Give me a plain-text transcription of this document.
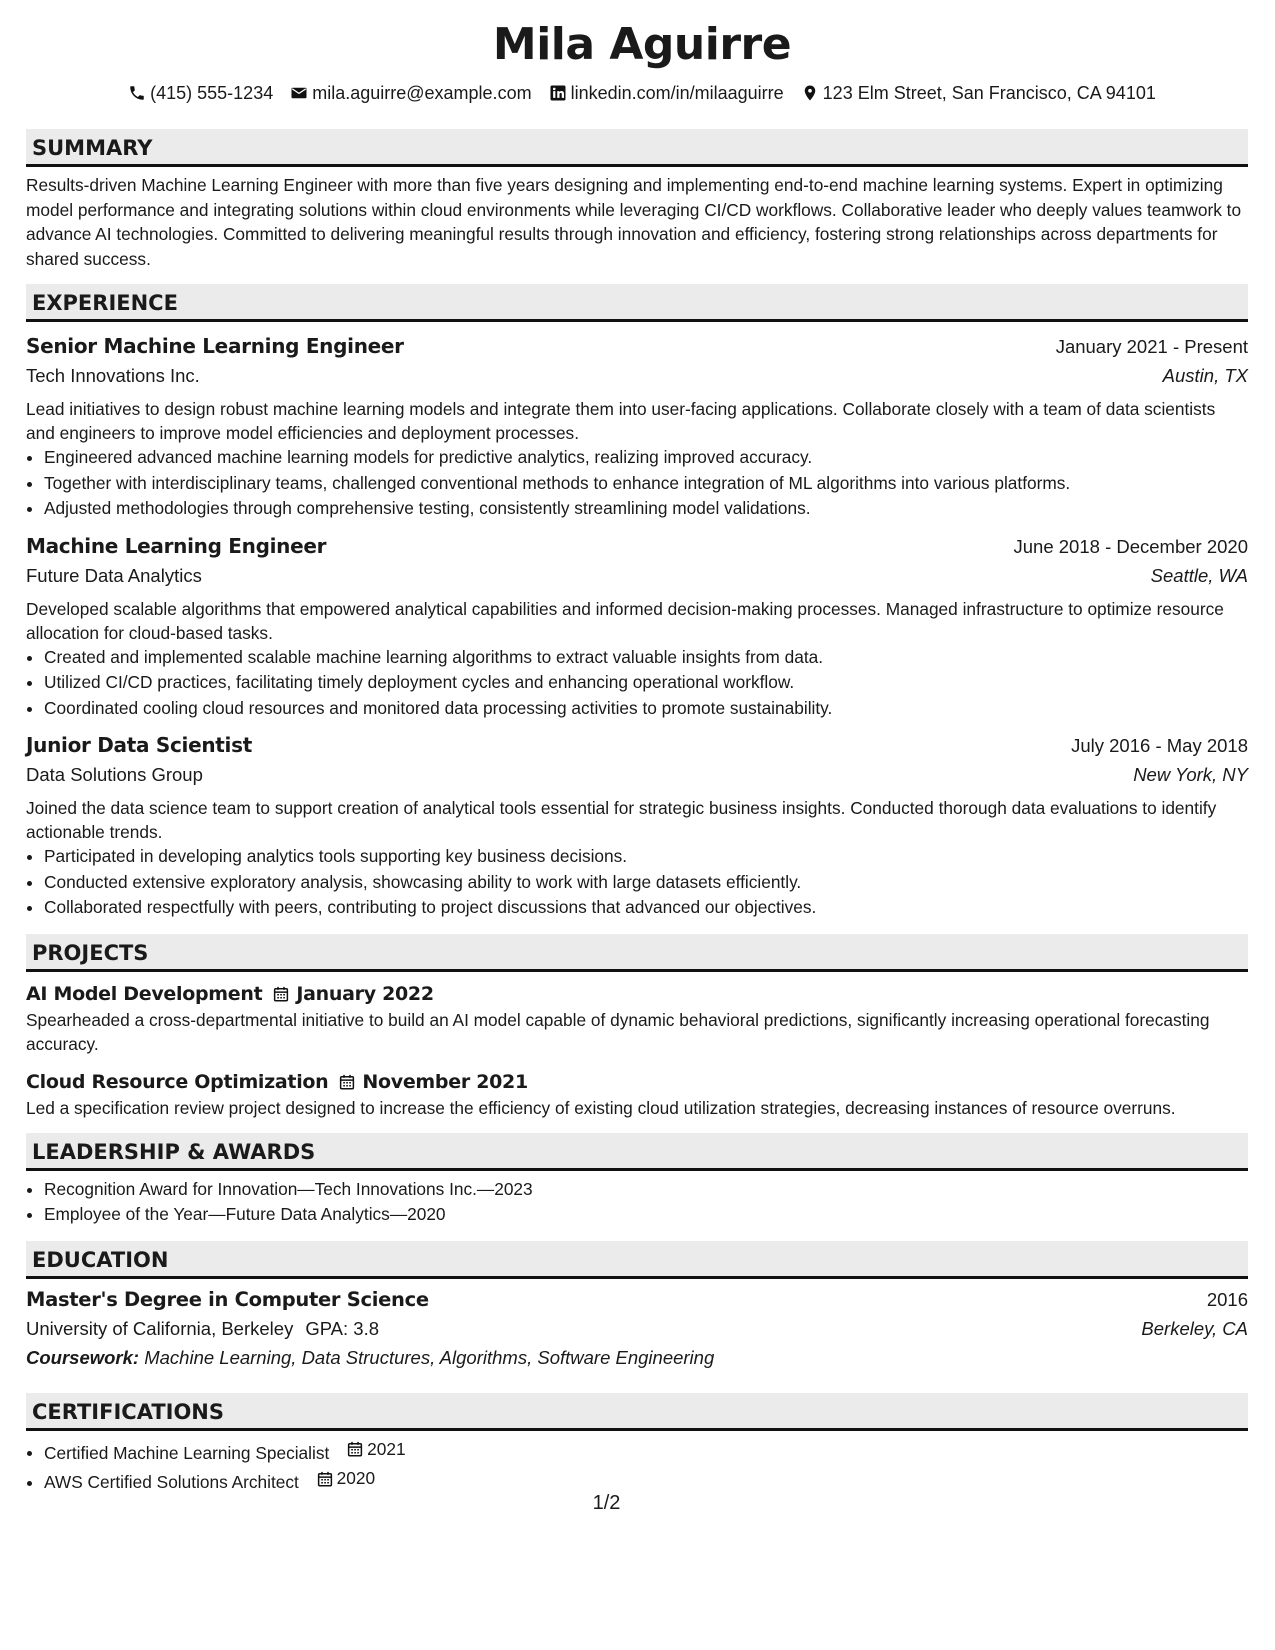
Mila Aguirre
(415) 555-1234 mila.aguirre@example.com linkedin.com/in/milaaguirre 123 Elm Street, San Francisco, CA 94101
SUMMARY

Results-driven Machine Learning Engineer with more than five years designing and implementing end-to-end machine learning systems. Expert in optimizing model performance and integrating solutions within cloud environments while leveraging CI/CD workflows. Collaborative leader who deeply values teamwork to advance AI technologies. Committed to delivering meaningful results through innovation and efficiency, fostering strong relationships across departments for shared success.

EXPERIENCE
Senior Machine Learning Engineer	January 2021 - Present
Tech Innovations Inc.	Austin, TX
Lead initiatives to design robust machine learning models and integrate them into user-facing applications. Collaborate closely with a team of data scientists and engineers to improve model efficiencies and deployment processes.
• Engineered advanced machine learning models for predictive analytics, realizing improved accuracy.
• Together with interdisciplinary teams, challenged conventional methods to enhance integration of ML algorithms into various platforms.
• Adjusted methodologies through comprehensive testing, consistently streamlining model validations.
Machine Learning Engineer	June 2018 - December 2020
Future Data Analytics	Seattle, WA
Developed scalable algorithms that empowered analytical capabilities and informed decision-making processes. Managed infrastructure to optimize resource allocation for cloud-based tasks.
• Created and implemented scalable machine learning algorithms to extract valuable insights from data.
• Utilized CI/CD practices, facilitating timely deployment cycles and enhancing operational workflow.
• Coordinated cooling cloud resources and monitored data processing activities to promote sustainability.
Junior Data Scientist	July 2016 - May 2018
Data Solutions Group	New York, NY
Joined the data science team to support creation of analytical tools essential for strategic business insights. Conducted thorough data evaluations to identify actionable trends.
• Participated in developing analytics tools supporting key business decisions.
• Conducted extensive exploratory analysis, showcasing ability to work with large datasets efficiently.
• Collaborated respectfully with peers, contributing to project discussions that advanced our objectives.
PROJECTS
AI Model Development January 2022
Spearheaded a cross-departmental initiative to build an AI model capable of dynamic behavioral predictions, significantly increasing operational forecasting accuracy.
Cloud Resource Optimization November 2021
Led a specification review project designed to increase the efficiency of existing cloud utilization strategies, decreasing instances of resource overruns.
LEADERSHIP & AWARDS
• Recognition Award for Innovation—Tech Innovations Inc.—2023
• Employee of the Year—Future Data Analytics—2020
EDUCATION
Master's Degree in Computer Science	2016
University of California, Berkeley GPA: 3.8	Berkeley, CA
Coursework: Machine Learning, Data Structures, Algorithms, Software Engineering
CERTIFICATIONS
• Certified Machine Learning Specialist 2021
• AWS Certified Solutions Architect 2020
1/2
